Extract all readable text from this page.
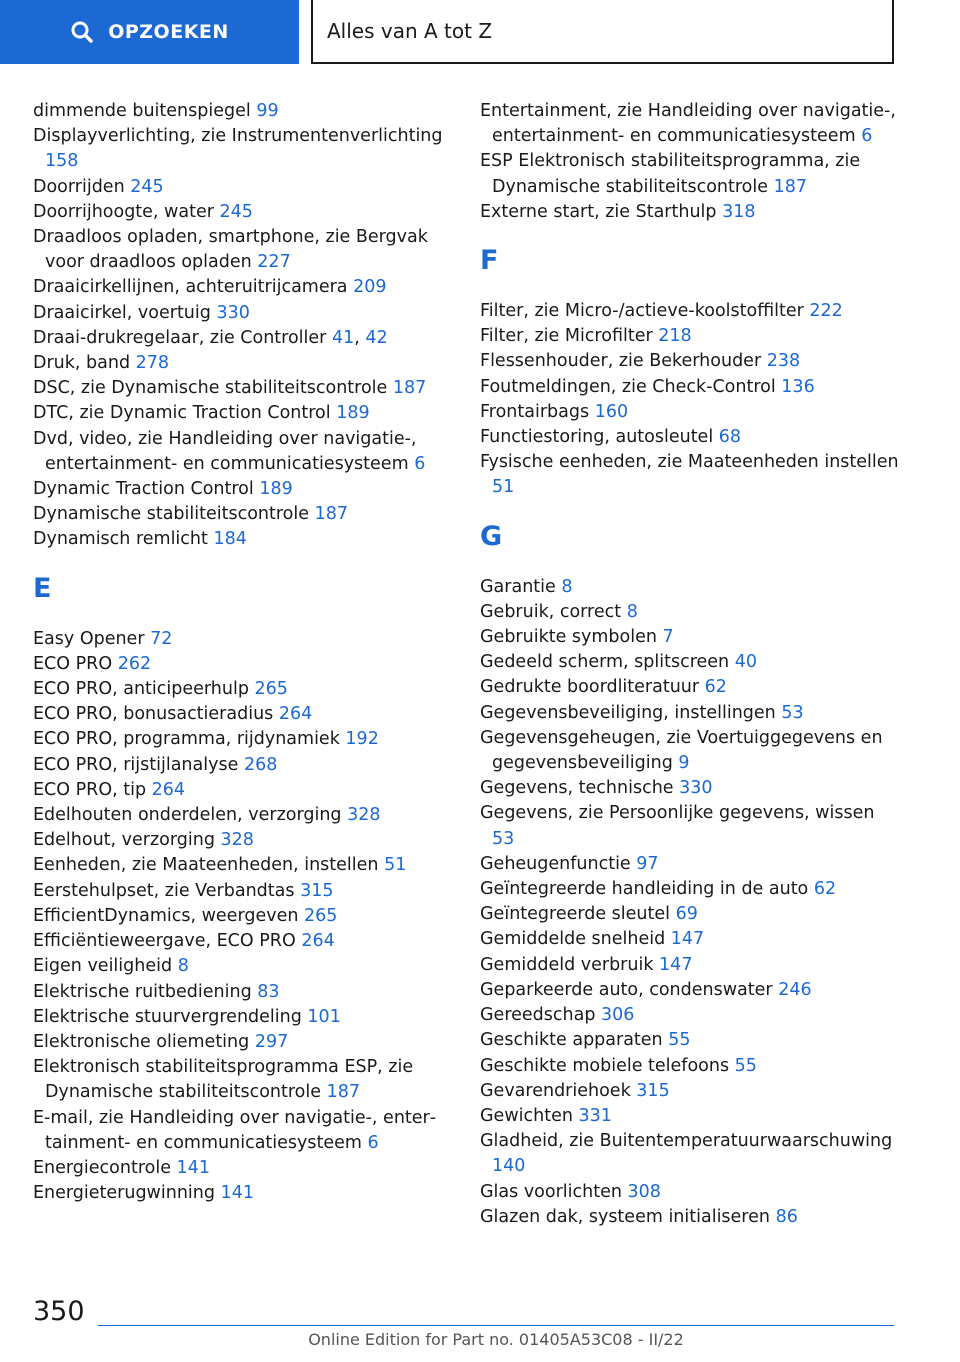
OPZOEKEN	Alles van A tot Z
dimmende buitenspiegel 99
Displayverlichting, zie Instrumentenverlichting 158
Doorrijden 245
Doorrijhoogte, water 245
Draadloos opladen, smartphone, zie Bergvak voor draadloos opladen 227
Draaicirkellijnen, achteruitrijcamera 209
Draaicirkel, voertuig 330
Draai-drukregelaar, zie Controller 41, 42
Druk, band 278
DSC, zie Dynamische stabiliteitscontrole 187
DTC, zie Dynamic Traction Control 189
Dvd, video, zie Handleiding over navigatie-, entertainment- en communicatiesysteem 6
Dynamic Traction Control 189
Dynamische stabiliteitscontrole 187
Dynamisch remlicht 184
E
Easy Opener 72
ECO PRO 262
ECO PRO, anticipeerhulp 265
ECO PRO, bonusactieradius 264
ECO PRO, programma, rijdynamiek 192
ECO PRO, rijstijlanalyse 268
ECO PRO, tip 264
Edelhouten onderdelen, verzorging 328
Edelhout, verzorging 328
Eenheden, zie Maateenheden, instellen 51
Eerstehulpset, zie Verbandtas 315
EfficientDynamics, weergeven 265
Efficiëntieweergave, ECO PRO 264
Eigen veiligheid 8
Elektrische ruitbediening 83
Elektrische stuurvergrendeling 101
Elektronische oliemeting 297
Elektronisch stabiliteitsprogramma ESP, zie Dynamische stabiliteitscontrole 187
E-mail, zie Handleiding over navigatie-, entertainment- en communicatiesysteem 6
Energiecontrole 141
Energieterugwinning 141
Entertainment, zie Handleiding over navigatie-, entertainment- en communicatiesysteem 6
ESP Elektronisch stabiliteitsprogramma, zie Dynamische stabiliteitscontrole 187
Externe start, zie Starthulp 318
F
Filter, zie Micro-/actieve-koolstoffilter 222
Filter, zie Microfilter 218
Flessenhouder, zie Bekerhouder 238
Foutmeldingen, zie Check-Control 136
Frontairbags 160
Functiestoring, autosleutel 68
Fysische eenheden, zie Maateenheden instellen 51
G
Garantie 8
Gebruik, correct 8
Gebruikte symbolen 7
Gedeeld scherm, splitscreen 40
Gedrukte boordliteratuur 62
Gegevensbeveiliging, instellingen 53
Gegevensgeheugen, zie Voertuiggegevens en gegevensbeveiliging 9
Gegevens, technische 330
Gegevens, zie Persoonlijke gegevens, wissen 53
Geheugenfunctie 97
Geïntegreerde handleiding in de auto 62
Geïntegreerde sleutel 69
Gemiddelde snelheid 147
Gemiddeld verbruik 147
Geparkeerde auto, condenswater 246
Gereedschap 306
Geschikte apparaten 55
Geschikte mobiele telefoons 55
Gevarendriehoek 315
Gewichten 331
Gladheid, zie Buitentemperatuurwaarschuwing 140
Glas voorlichten 308
Glazen dak, systeem initialiseren 86
350
Online Edition for Part no. 01405A53C08 - II/22
